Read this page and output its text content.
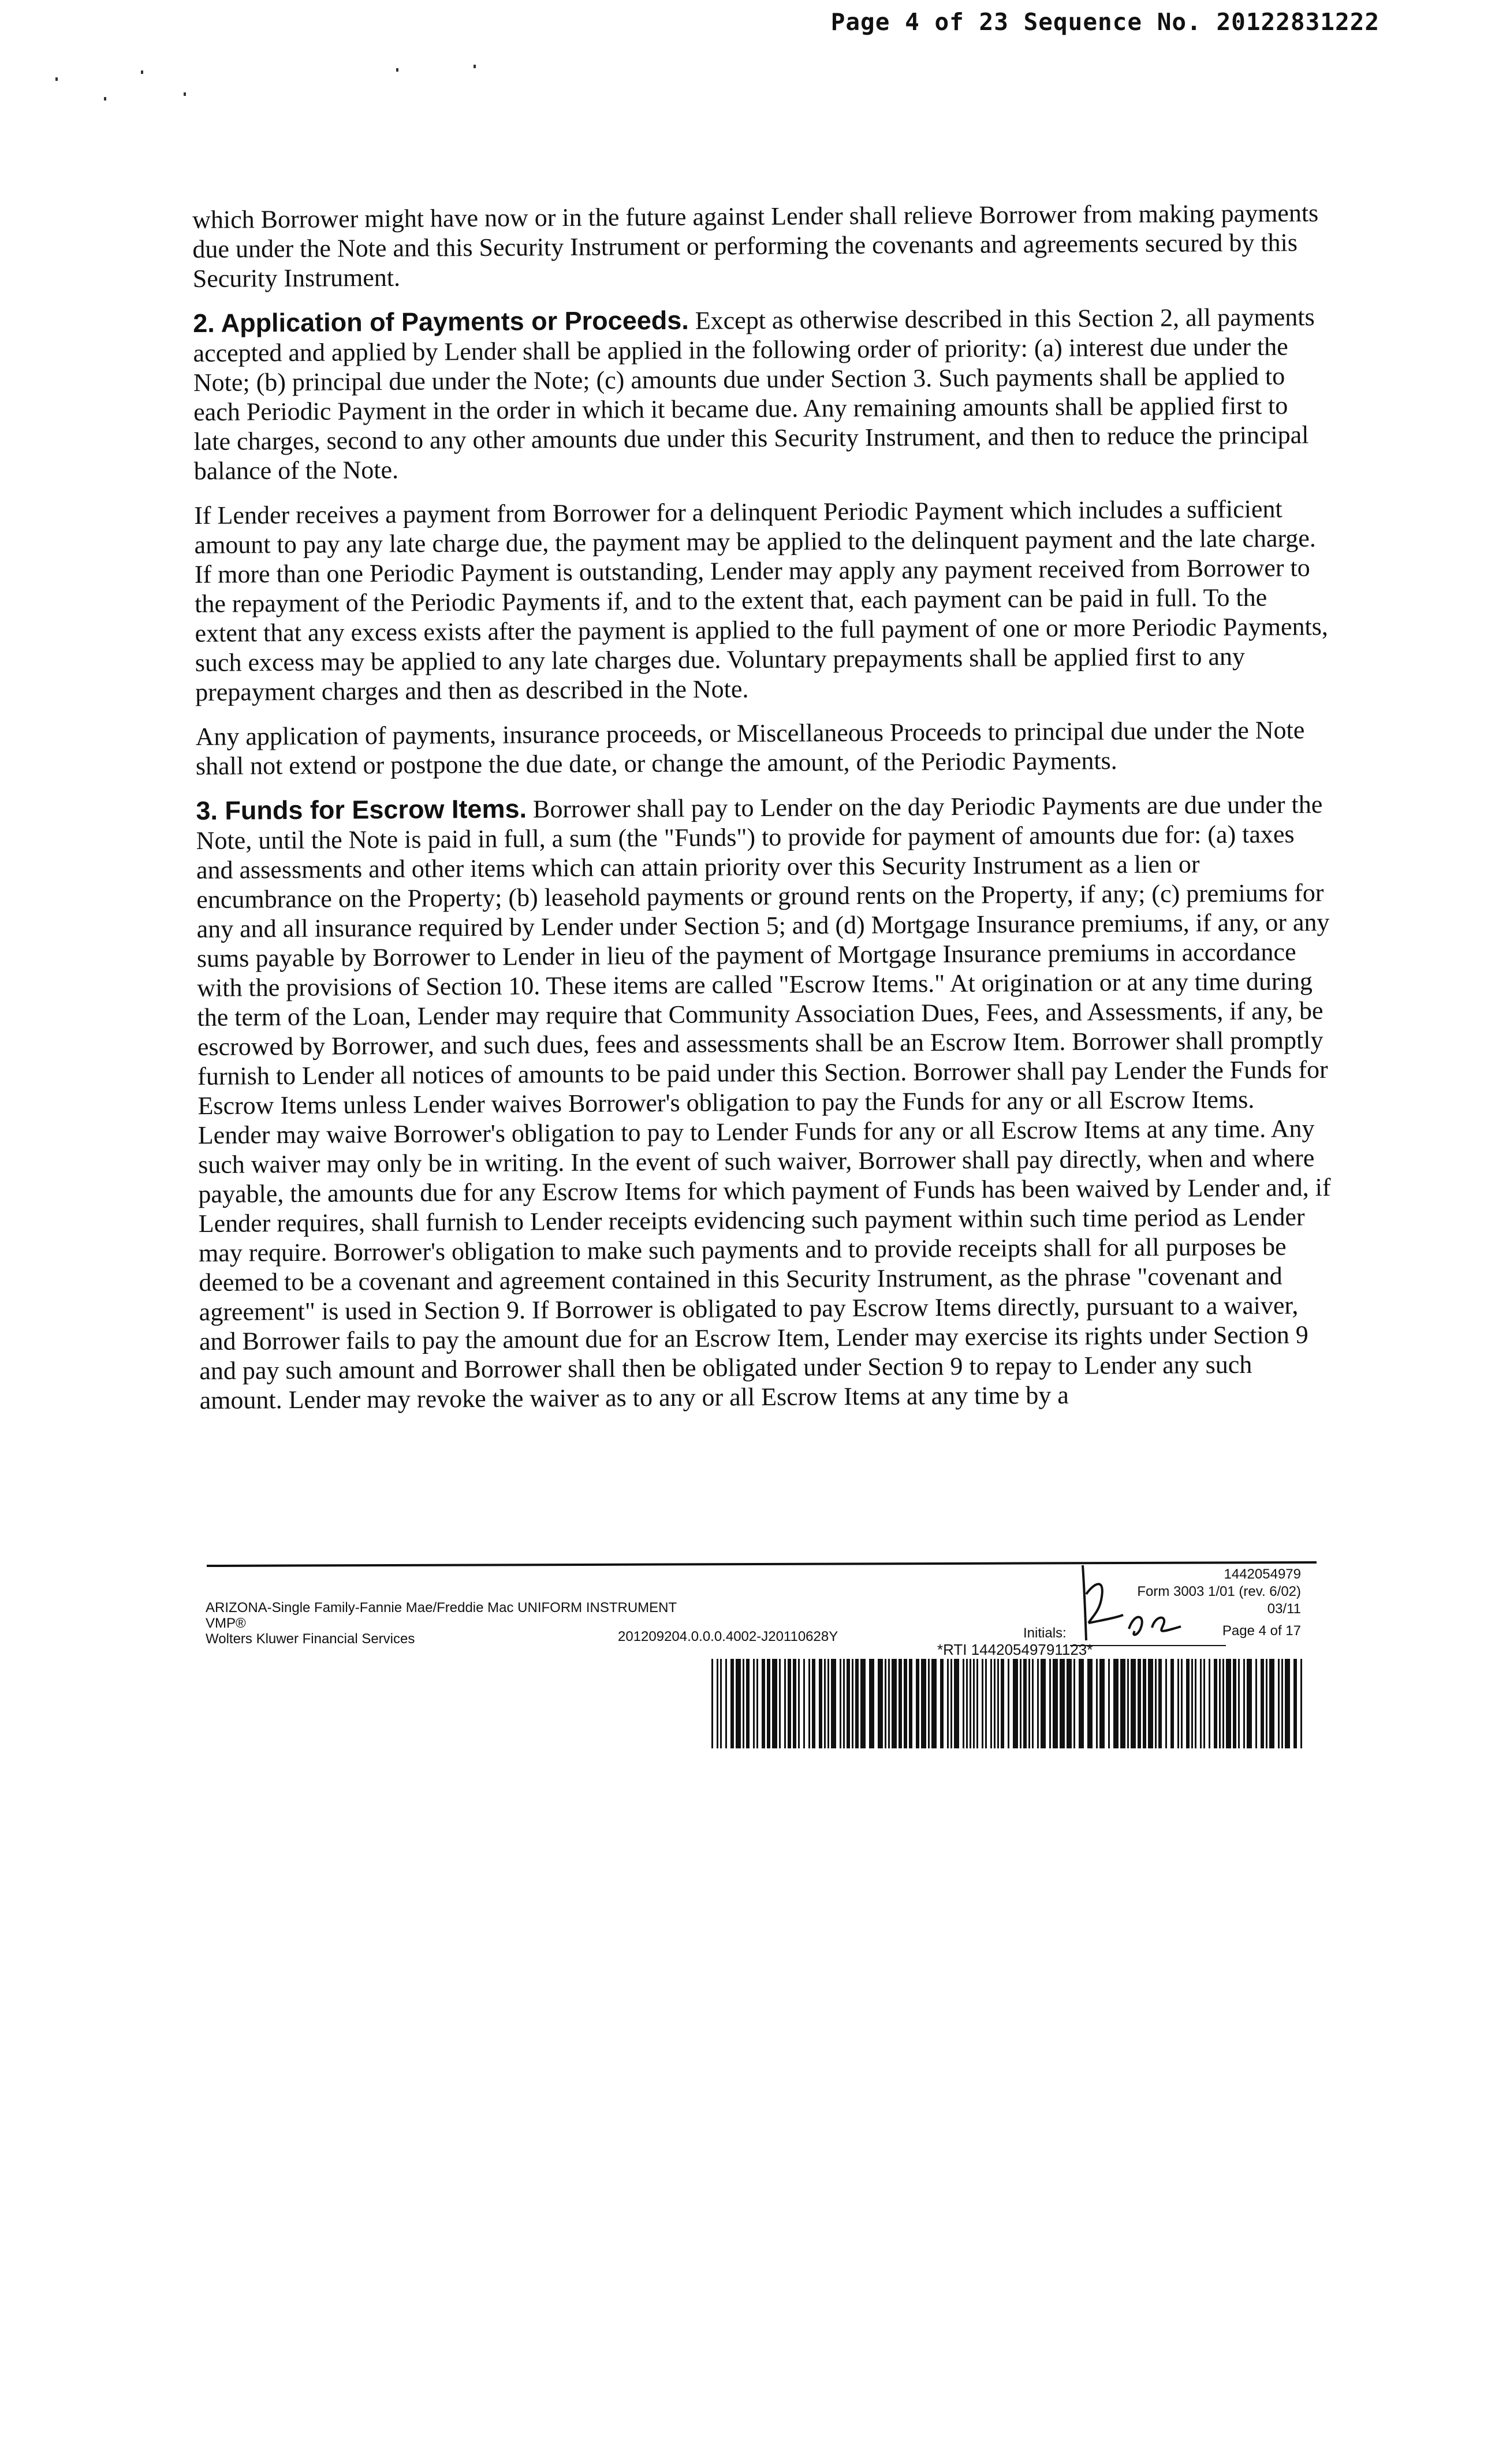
Page 4 of 23 Sequence No. 20122831222

which Borrower might have now or in the future against Lender shall relieve Borrower from making payments due under the Note and this Security Instrument or performing the covenants and agreements secured by this Security Instrument.

2. Application of Payments or Proceeds. Except as otherwise described in this Section 2, all payments accepted and applied by Lender shall be applied in the following order of priority: (a) interest due under the Note; (b) principal due under the Note; (c) amounts due under Section 3. Such payments shall be applied to each Periodic Payment in the order in which it became due. Any remaining amounts shall be applied first to late charges, second to any other amounts due under this Security Instrument, and then to reduce the principal balance of the Note.

If Lender receives a payment from Borrower for a delinquent Periodic Payment which includes a sufficient amount to pay any late charge due, the payment may be applied to the delinquent payment and the late charge. If more than one Periodic Payment is outstanding, Lender may apply any payment received from Borrower to the repayment of the Periodic Payments if, and to the extent that, each payment can be paid in full. To the extent that any excess exists after the payment is applied to the full payment of one or more Periodic Payments, such excess may be applied to any late charges due. Voluntary prepayments shall be applied first to any prepayment charges and then as described in the Note.

Any application of payments, insurance proceeds, or Miscellaneous Proceeds to principal due under the Note shall not extend or postpone the due date, or change the amount, of the Periodic Payments.

3. Funds for Escrow Items. Borrower shall pay to Lender on the day Periodic Payments are due under the Note, until the Note is paid in full, a sum (the "Funds") to provide for payment of amounts due for: (a) taxes and assessments and other items which can attain priority over this Security Instrument as a lien or encumbrance on the Property; (b) leasehold payments or ground rents on the Property, if any; (c) premiums for any and all insurance required by Lender under Section 5; and (d) Mortgage Insurance premiums, if any, or any sums payable by Borrower to Lender in lieu of the payment of Mortgage Insurance premiums in accordance with the provisions of Section 10. These items are called "Escrow Items." At origination or at any time during the term of the Loan, Lender may require that Community Association Dues, Fees, and Assessments, if any, be escrowed by Borrower, and such dues, fees and assessments shall be an Escrow Item. Borrower shall promptly furnish to Lender all notices of amounts to be paid under this Section. Borrower shall pay Lender the Funds for Escrow Items unless Lender waives Borrower's obligation to pay the Funds for any or all Escrow Items. Lender may waive Borrower's obligation to pay to Lender Funds for any or all Escrow Items at any time. Any such waiver may only be in writing. In the event of such waiver, Borrower shall pay directly, when and where payable, the amounts due for any Escrow Items for which payment of Funds has been waived by Lender and, if Lender requires, shall furnish to Lender receipts evidencing such payment within such time period as Lender may require. Borrower's obligation to make such payments and to provide receipts shall for all purposes be deemed to be a covenant and agreement contained in this Security Instrument, as the phrase "covenant and agreement" is used in Section 9. If Borrower is obligated to pay Escrow Items directly, pursuant to a waiver, and Borrower fails to pay the amount due for an Escrow Item, Lender may exercise its rights under Section 9 and pay such amount and Borrower shall then be obligated under Section 9 to repay to Lender any such amount. Lender may revoke the waiver as to any or all Escrow Items at any time by a

ARIZONA-Single Family-Fannie Mae/Freddie Mac UNIFORM INSTRUMENT
VMP®
Wolters Kluwer Financial Services	201209204.0.0.0.4002-J20110628Y
1442054979
Form 3003 1/01 (rev. 6/02)
03/11
Initials:	Page 4 of 17
*RTI 14420549791123*
